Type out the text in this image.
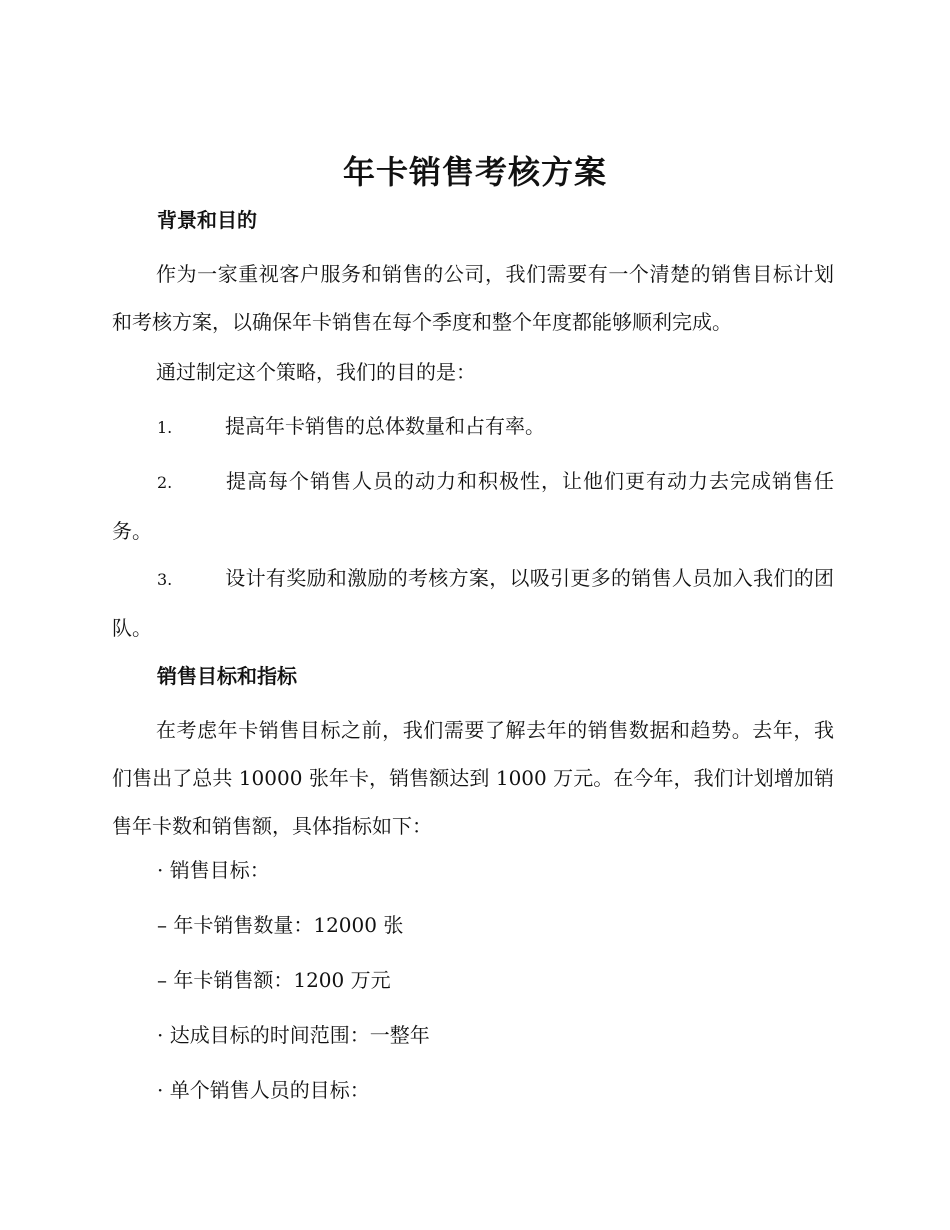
年卡销售考核方案
背景和目的

作为一家重视客户服务和销售的公司，我们需要有一个清楚的销售目标计划和考核方案，以确保年卡销售在每个季度和整个年度都能够顺利完成。

通过制定这个策略，我们的目的是：

1.	提高年卡销售的总体数量和占有率。

2.	提高每个销售人员的动力和积极性，让他们更有动力去完成销售任务。

3.	设计有奖励和激励的考核方案，以吸引更多的销售人员加入我们的团队。

销售目标和指标

在考虑年卡销售目标之前，我们需要了解去年的销售数据和趋势。去年，我们售出了总共 10000 张年卡，销售额达到 1000 万元。在今年，我们计划增加销售年卡数和销售额，具体指标如下：

· 销售目标：
– 年卡销售数量：12000 张
– 年卡销售额：1200 万元
· 达成目标的时间范围：一整年
· 单个销售人员的目标：
